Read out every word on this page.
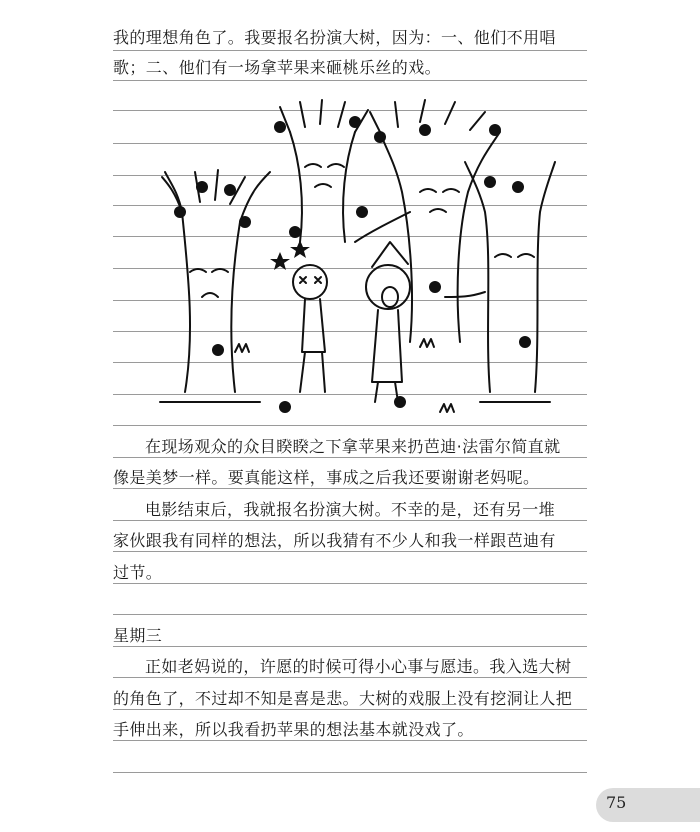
我的理想角色了。我要报名扮演大树，因为：一、他们不用唱
歌；二、他们有一场拿苹果来砸桃乐丝的戏。
在现场观众的众目睽睽之下拿苹果来扔芭迪·法雷尔简直就
像是美梦一样。要真能这样，事成之后我还要谢谢老妈呢。
电影结束后，我就报名扮演大树。不幸的是，还有另一堆
家伙跟我有同样的想法，所以我猜有不少人和我一样跟芭迪有
过节。
星期三
正如老妈说的，许愿的时候可得小心事与愿违。我入选大树
的角色了，不过却不知是喜是悲。大树的戏服上没有挖洞让人把
手伸出来，所以我看扔苹果的想法基本就没戏了。
75
